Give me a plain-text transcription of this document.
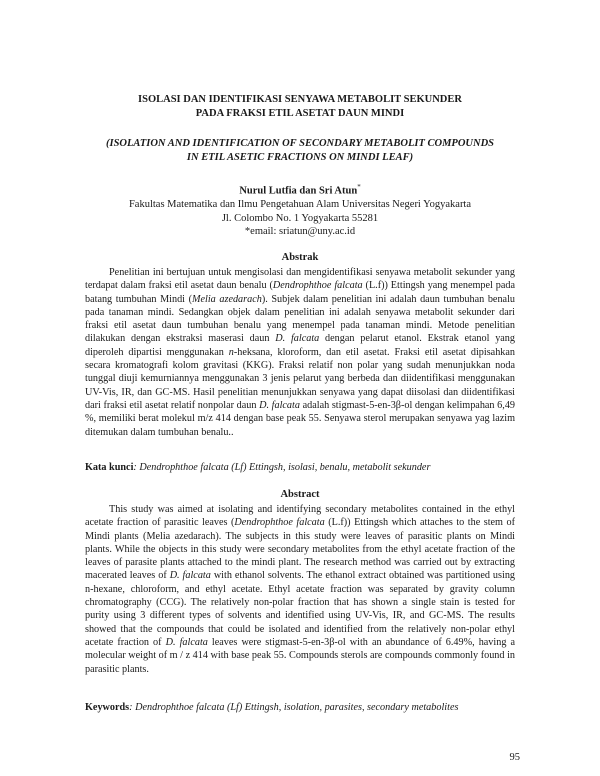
ISOLASI DAN IDENTIFIKASI SENYAWA METABOLIT SEKUNDER
PADA FRAKSI ETIL ASETAT DAUN MINDI
(ISOLATION AND IDENTIFICATION OF SECONDARY METABOLIT COMPOUNDS
IN ETIL ASETIC FRACTIONS ON MINDI LEAF)
Nurul Lutfia dan Sri Atun*
Fakultas Matematika dan Ilmu Pengetahuan Alam Universitas Negeri Yogyakarta
Jl. Colombo No. 1 Yogyakarta 55281
*email: sriatun@uny.ac.id
Abstrak

Penelitian ini bertujuan untuk mengisolasi dan mengidentifikasi senyawa metabolit sekunder yang terdapat dalam fraksi etil asetat daun benalu (Dendrophthoe falcata (L.f)) Ettingsh yang menempel pada batang tumbuhan Mindi (Melia azedarach). Subjek dalam penelitian ini adalah daun tumbuhan benalu pada tanaman mindi. Sedangkan objek dalam penelitian ini adalah senyawa metabolit sekunder dari fraksi etil asetat daun tumbuhan benalu yang menempel pada tanaman mindi. Metode penelitian dilakukan dengan ekstraksi maserasi daun D. falcata dengan pelarut etanol. Ekstrak etanol yang diperoleh dipartisi menggunakan n-heksana, kloroform, dan etil asetat. Fraksi etil asetat dipisahkan secara kromatografi kolom gravitasi (KKG). Fraksi relatif non polar yang sudah menunjukkan noda tunggal diuji kemurniannya menggunakan 3 jenis pelarut yang berbeda dan diidentifikasi menggunakan UV-Vis, IR, dan GC-MS. Hasil penelitian menunjukkan senyawa yang dapat diisolasi dan diidentifikasi dari fraksi etil asetat relatif nonpolar daun D. falcata adalah stigmast-5-en-3β-ol dengan kelimpahan 6,49 %, memiliki berat molekul m/z 414 dengan base peak 55. Senyawa sterol merupakan senyawa yag lazim ditemukan dalam tumbuhan benalu..

Kata kunci: Dendrophthoe falcata (Lf) Ettingsh, isolasi, benalu, metabolit sekunder

Abstract

This study was aimed at isolating and identifying secondary metabolites contained in the ethyl acetate fraction of parasitic leaves (Dendrophthoe falcata (L.f)) Ettingsh which attaches to the stem of Mindi plants (Melia azedarach). The subjects in this study were leaves of parasitic plants on Mindi plants. While the objects in this study were secondary metabolites from the ethyl acetate fraction of the leaves of parasite plants attached to the mindi plant. The research method was carried out by extracting macerated leaves of D. falcata with ethanol solvents. The ethanol extract obtained was partitioned using n-hexane, chloroform, and ethyl acetate. Ethyl acetate fraction was separated by gravity column chromatography (CCG). The relatively non-polar fraction that has shown a single stain is tested for purity using 3 different types of solvents and identified using UV-Vis, IR, and GC-MS. The results showed that the compounds that could be isolated and identified from the relatively non-polar ethyl acetate fraction of D. falcata leaves were stigmast-5-en-3β-ol with an abundance of 6.49%, having a molecular weight of m / z 414 with base peak 55. Compounds sterols are compounds commonly found in parasitic plants.

Keywords: Dendrophthoe falcata (Lf) Ettingsh, isolation, parasites, secondary metabolites

95
